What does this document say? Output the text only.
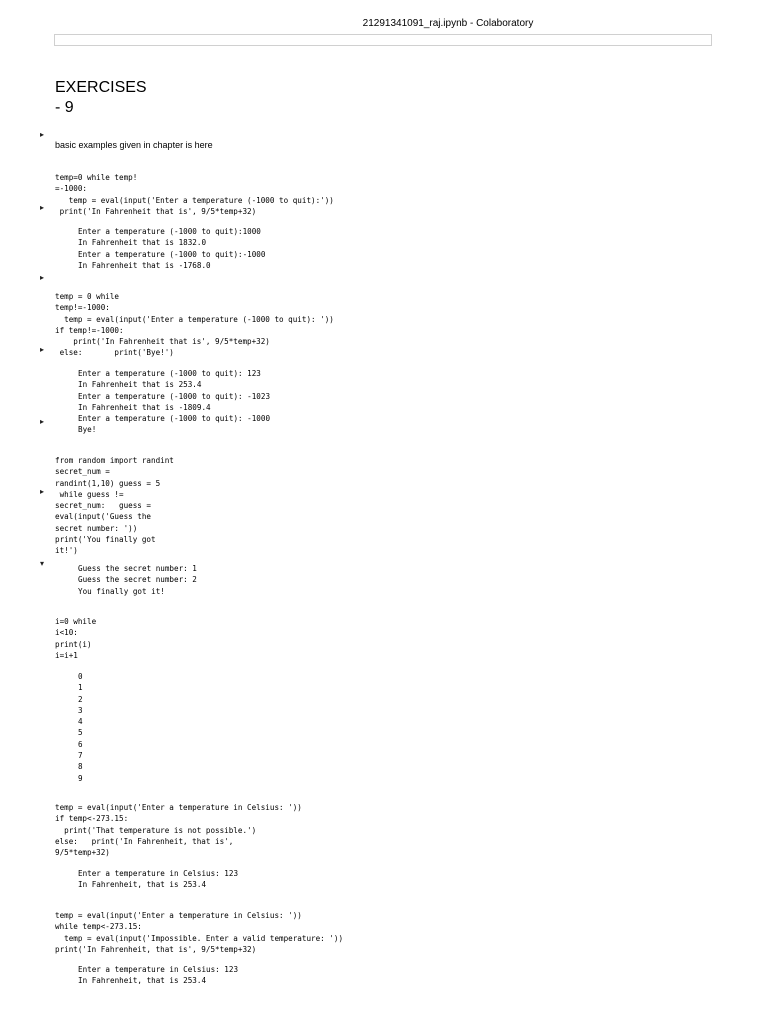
21291341091_raj.ipynb - Colaboratory
EXERCISES - 9
▸
basic examples given in chapter is here
temp=0 while temp!
=-1000:
temp = eval(input('Enter a temperature (-1000 to quit):'))
print('In Fahrenheit that is', 9/5*temp+32)
▸
Enter a temperature (-1000 to quit):1000
In Fahrenheit that is 1832.0
Enter a temperature (-1000 to quit):-1000
In Fahrenheit that is -1768.0
▸
temp = 0 while
temp!=-1000:
temp = eval(input('Enter a temperature (-1000 to quit): '))
if temp!=-1000:
print('In Fahrenheit that is', 9/5*temp+32)
else:       print('Bye!')
▸
Enter a temperature (-1000 to quit): 123
In Fahrenheit that is 253.4
Enter a temperature (-1000 to quit): -1023
In Fahrenheit that is -1809.4
Enter a temperature (-1000 to quit): -1000
Bye!
▸
from random import randint
secret_num =
randint(1,10) guess = 5
while guess !=
secret_num:   guess =
eval(input('Guess the
secret number: '))
print('You finally got
it!')
▸
▾
Guess the secret number: 1
Guess the secret number: 2
You finally got it!
i=0 while
i<10:
print(i)
i=i+1
0
1
2
3
4
5
6
7
8
9
temp = eval(input('Enter a temperature in Celsius: '))
if temp<-273.15:
print('That temperature is not possible.')
else:   print('In Fahrenheit, that is',
9/5*temp+32)
Enter a temperature in Celsius: 123
In Fahrenheit, that is 253.4
temp = eval(input('Enter a temperature in Celsius: '))
while temp<-273.15:
temp = eval(input('Impossible. Enter a valid temperature: '))
print('In Fahrenheit, that is', 9/5*temp+32)
Enter a temperature in Celsius: 123
In Fahrenheit, that is 253.4
